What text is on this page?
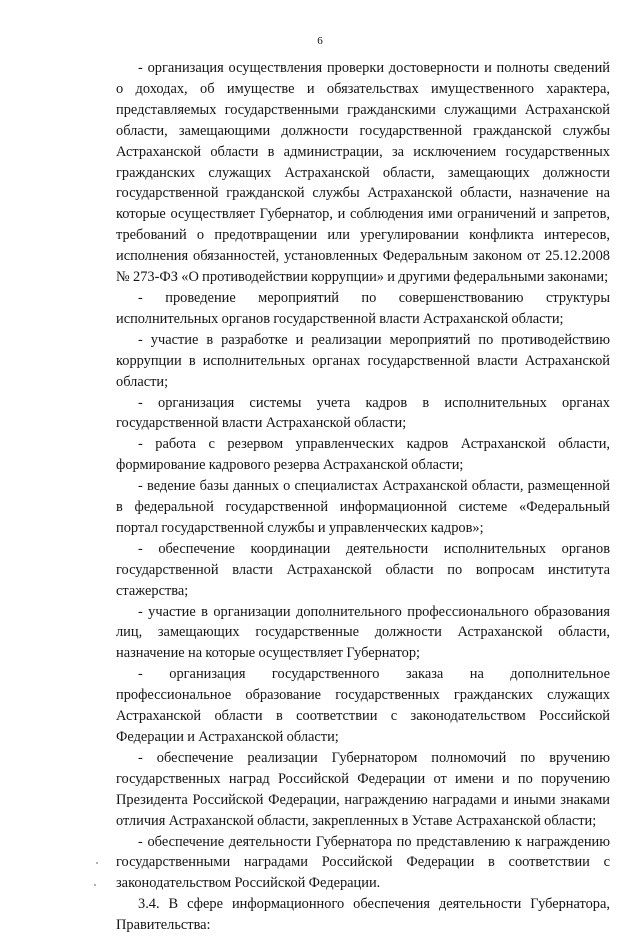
6

- организация осуществления проверки достоверности и полноты сведений о доходах, об имуществе и обязательствах имущественного характера, представляемых государственными гражданскими служащими Астраханской области, замещающими должности государственной гражданской службы Астраханской области в администрации, за исключением государственных гражданских служащих Астраханской области, замещающих должности государственной гражданской службы Астраханской области, назначение на которые осуществляет Губернатор, и соблюдения ими ограничений и запретов, требований о предотвращении или урегулировании конфликта интересов, исполнения обязанностей, установленных Федеральным законом от 25.12.2008 № 273-ФЗ «О противодействии коррупции» и другими федеральными законами;

- проведение мероприятий по совершенствованию структуры исполнительных органов государственной власти Астраханской области;

- участие в разработке и реализации мероприятий по противодействию коррупции в исполнительных органах государственной власти Астраханской области;

- организация системы учета кадров в исполнительных органах государственной власти Астраханской области;

- работа с резервом управленческих кадров Астраханской области, формирование кадрового резерва Астраханской области;

- ведение базы данных о специалистах Астраханской области, размещенной в федеральной государственной информационной системе «Федеральный портал государственной службы и управленческих кадров»;

- обеспечение координации деятельности исполнительных органов государственной власти Астраханской области по вопросам института стажерства;

- участие в организации дополнительного профессионального образования лиц, замещающих государственные должности Астраханской области, назначение на которые осуществляет Губернатор;

- организация государственного заказа на дополнительное профессиональное образование государственных гражданских служащих Астраханской области в соответствии с законодательством Российской Федерации и Астраханской области;

- обеспечение реализации Губернатором полномочий по вручению государственных наград Российской Федерации от имени и по поручению Президента Российской Федерации, награждению наградами и иными знаками отличия Астраханской области, закрепленных в Уставе Астраханской области;

- обеспечение деятельности Губернатора по представлению к награждению государственными наградами Российской Федерации в соответствии с законодательством Российской Федерации.

3.4. В сфере информационного обеспечения деятельности Губернатора, Правительства:
